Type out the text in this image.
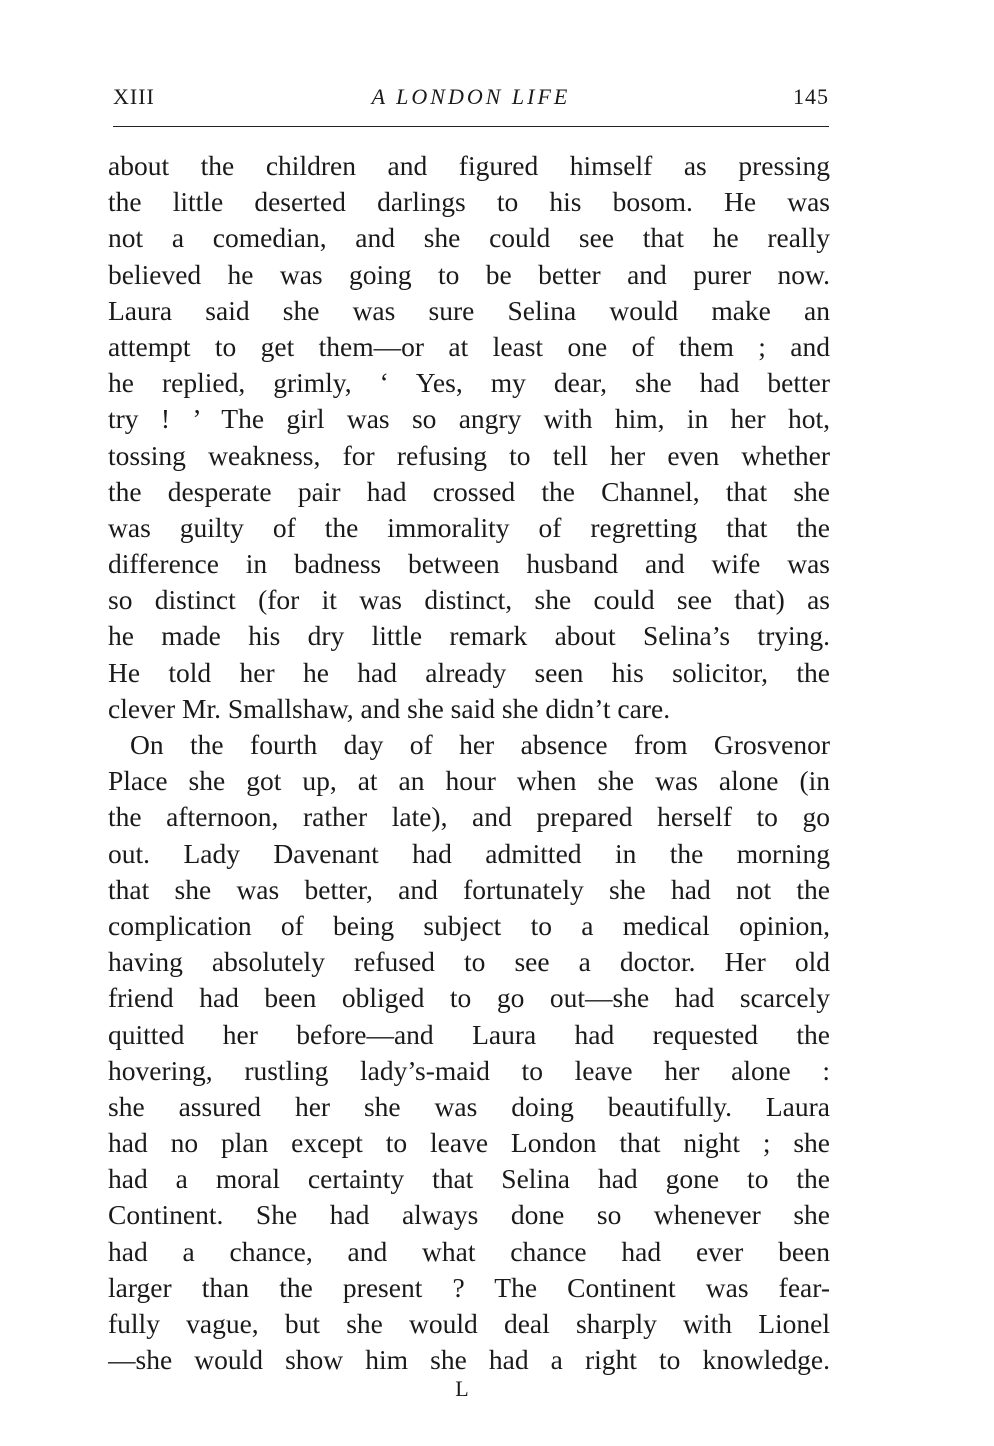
XIII	A LONDON LIFE	145
about the children and figured himself as pressing
the little deserted darlings to his bosom. He was
not a comedian, and she could see that he really
believed he was going to be better and purer now.
Laura said she was sure Selina would make an
attempt to get them—or at least one of them ; and
he replied, grimly, ‘ Yes, my dear, she had better
try ! ’ The girl was so angry with him, in her hot,
tossing weakness, for refusing to tell her even whether
the desperate pair had crossed the Channel, that she
was guilty of the immorality of regretting that the
difference in badness between husband and wife was
so distinct (for it was distinct, she could see that) as
he made his dry little remark about Selina’s trying.
He told her he had already seen his solicitor, the
clever Mr. Smallshaw, and she said she didn’t care.
On the fourth day of her absence from Grosvenor
Place she got up, at an hour when she was alone (in
the afternoon, rather late), and prepared herself to go
out. Lady Davenant had admitted in the morning
that she was better, and fortunately she had not the
complication of being subject to a medical opinion,
having absolutely refused to see a doctor. Her old
friend had been obliged to go out—she had scarcely
quitted her before—and Laura had requested the
hovering, rustling lady’s-maid to leave her alone :
she assured her she was doing beautifully. Laura
had no plan except to leave London that night ; she
had a moral certainty that Selina had gone to the
Continent. She had always done so whenever she
had a chance, and what chance had ever been
larger than the present ? The Continent was fear-
fully vague, but she would deal sharply with Lionel
—she would show him she had a right to knowledge.
L
